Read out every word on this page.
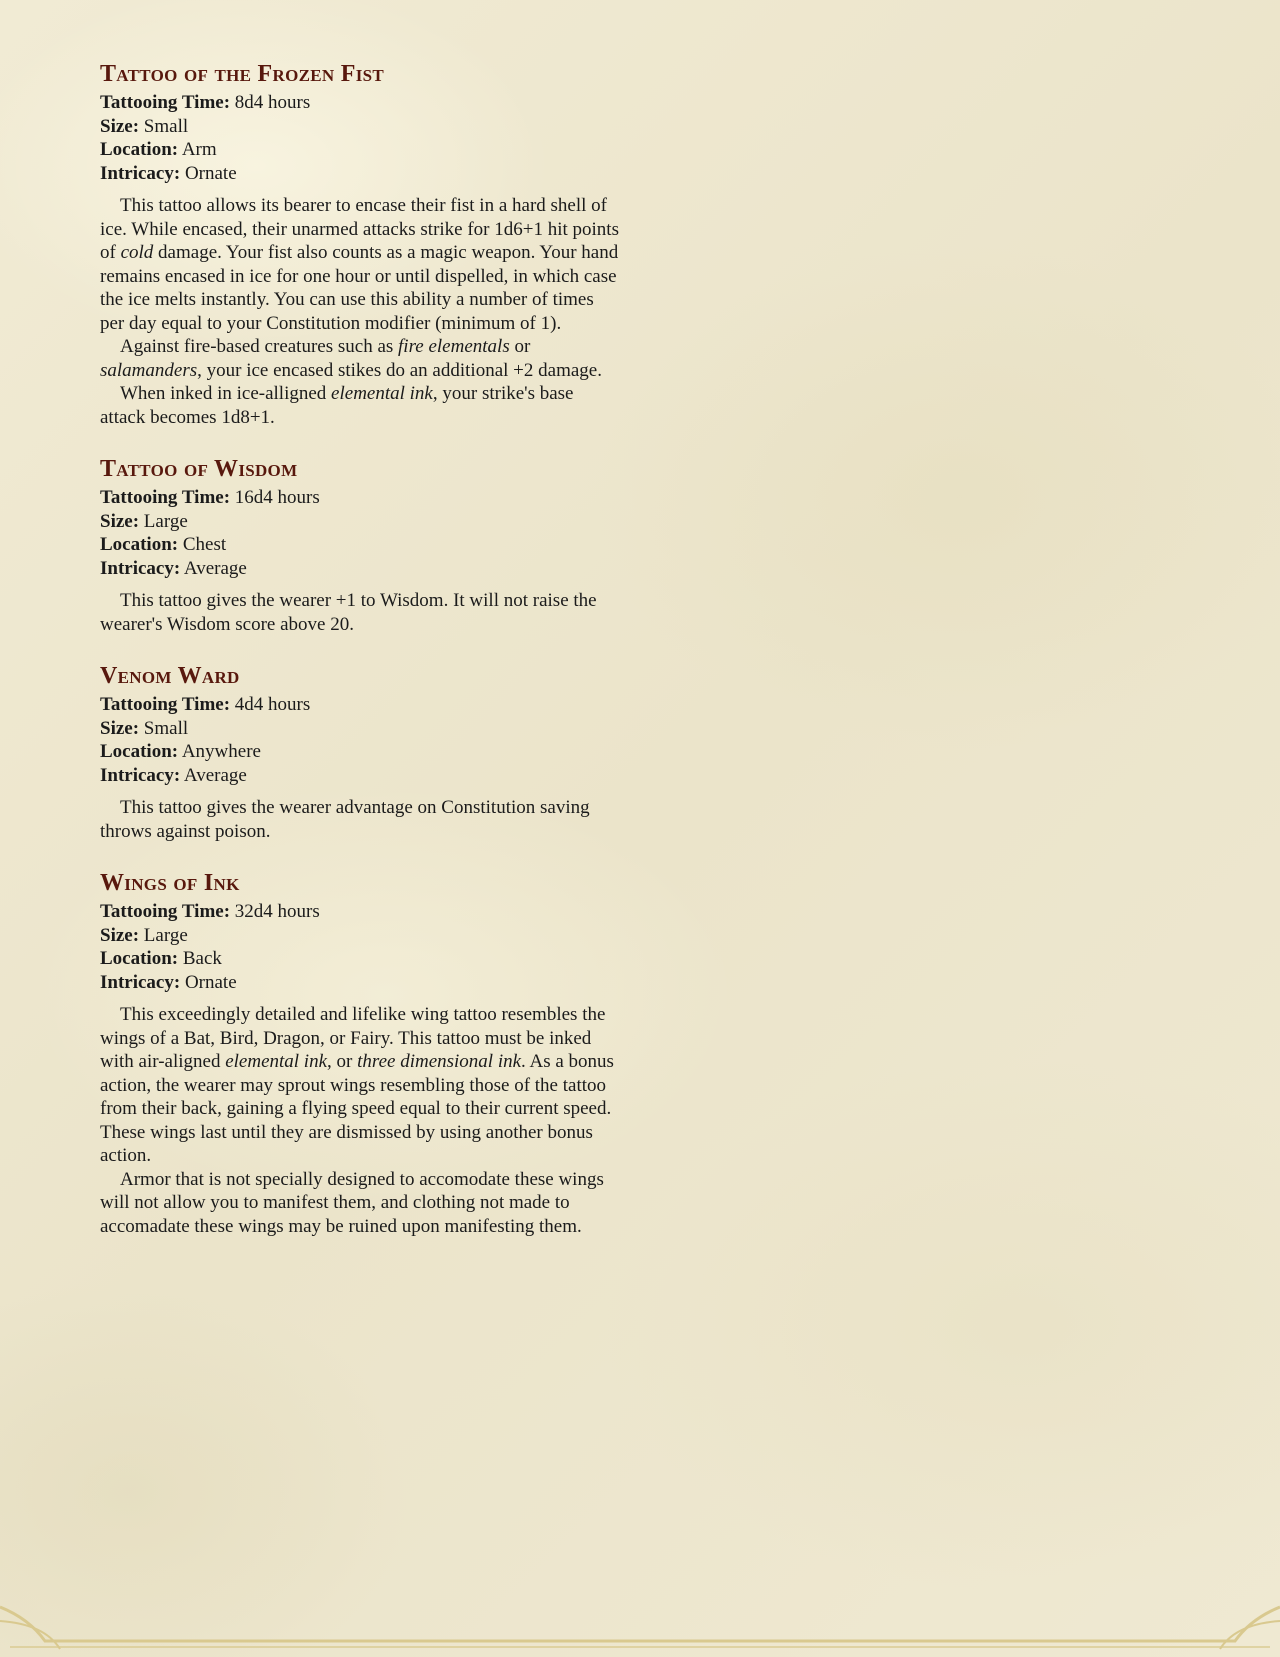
Tattoo of the Frozen Fist
Tattooing Time: 8d4 hours
Size: Small
Location: Arm
Intricacy: Ornate

This tattoo allows its bearer to encase their fist in a hard shell of ice. While encased, their unarmed attacks strike for 1d6+1 hit points of cold damage. Your fist also counts as a magic weapon. Your hand remains encased in ice for one hour or until dispelled, in which case the ice melts instantly. You can use this ability a number of times per day equal to your Constitution modifier (minimum of 1).

Against fire-based creatures such as fire elementals or salamanders, your ice encased stikes do an additional +2 damage.

When inked in ice-alligned elemental ink, your strike's base attack becomes 1d8+1.

Tattoo of Wisdom
Tattooing Time: 16d4 hours
Size: Large
Location: Chest
Intricacy: Average

This tattoo gives the wearer +1 to Wisdom. It will not raise the wearer's Wisdom score above 20.

Venom Ward
Tattooing Time: 4d4 hours
Size: Small
Location: Anywhere
Intricacy: Average

This tattoo gives the wearer advantage on Constitution saving throws against poison.

Wings of Ink
Tattooing Time: 32d4 hours
Size: Large
Location: Back
Intricacy: Ornate

This exceedingly detailed and lifelike wing tattoo resembles the wings of a Bat, Bird, Dragon, or Fairy. This tattoo must be inked with air-aligned elemental ink, or three dimensional ink. As a bonus action, the wearer may sprout wings resembling those of the tattoo from their back, gaining a flying speed equal to their current speed. These wings last until they are dismissed by using another bonus action.

Armor that is not specially designed to accomodate these wings will not allow you to manifest them, and clothing not made to accomadate these wings may be ruined upon manifesting them.
